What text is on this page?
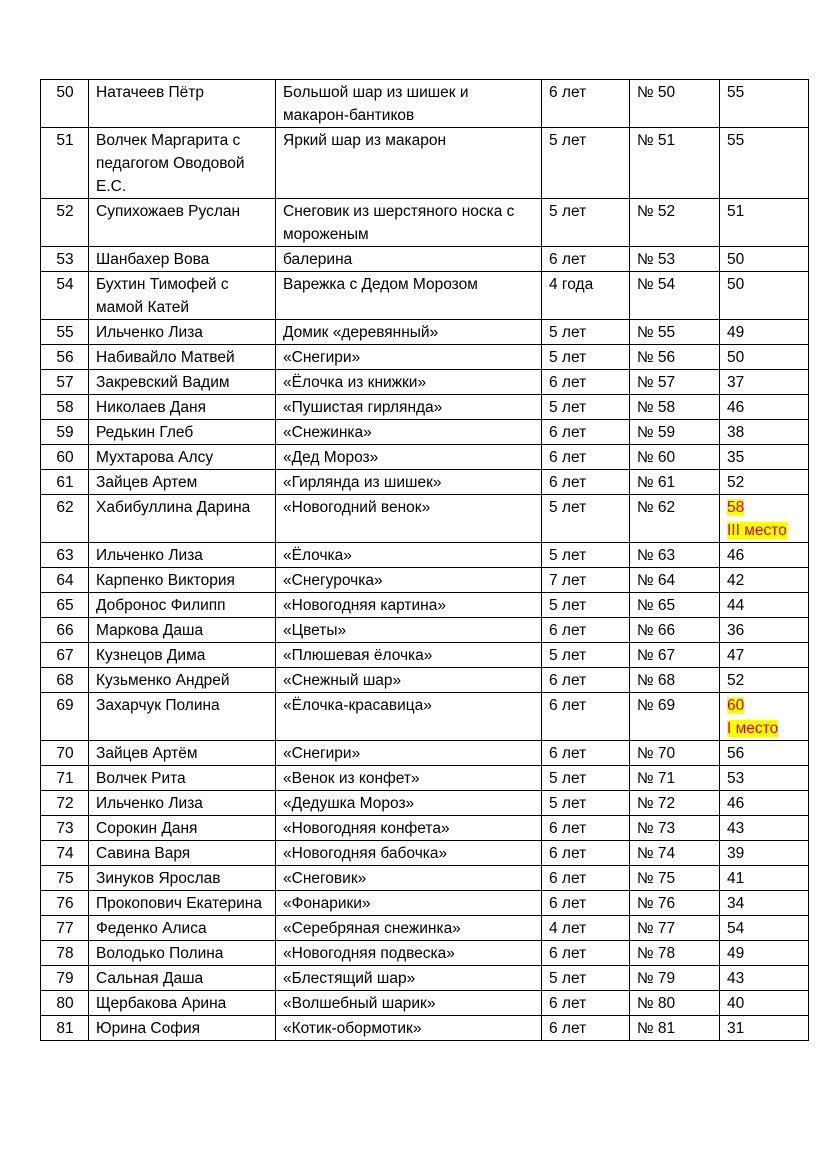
50	Натачеев Пётр	Большой шар из шишек и макарон-бантиков	6 лет	№ 50	55
51	Волчек Маргарита с педагогом Оводовой Е.С.	Яркий шар из макарон	5 лет	№ 51	55
52	Супихожаев Руслан	Снеговик из шерстяного носка с мороженым	5 лет	№ 52	51
53	Шанбахер Вова	балерина	6 лет	№ 53	50
54	Бухтин Тимофей с мамой Катей	Варежка с Дедом Морозом	4 года	№ 54	50
55	Ильченко Лиза	Домик «деревянный»	5 лет	№ 55	49
56	Набивайло Матвей	«Снегири»	5 лет	№ 56	50
57	Закревский Вадим	«Ёлочка из книжки»	6 лет	№ 57	37
58	Николаев Даня	«Пушистая гирлянда»	5 лет	№ 58	46
59	Редькин Глеб	«Снежинка»	6 лет	№ 59	38
60	Мухтарова Алсу	«Дед Мороз»	6 лет	№ 60	35
61	Зайцев Артем	«Гирлянда из шишек»	6 лет	№ 61	52
62	Хабибуллина Дарина	«Новогодний венок»	5 лет	№ 62	58
III место
63	Ильченко Лиза	«Ёлочка»	5 лет	№ 63	46
64	Карпенко Виктория	«Снегурочка»	7 лет	№ 64	42
65	Доброноc Филипп	«Новогодняя картина»	5 лет	№ 65	44
66	Маркова Даша	«Цветы»	6 лет	№ 66	36
67	Кузнецов Дима	«Плюшевая ёлочка»	5 лет	№ 67	47
68	Кузьменко Андрей	«Снежный шар»	6 лет	№ 68	52
69	Захарчук Полина	«Ёлочка-красавица»	6 лет	№ 69	60
I место
70	Зайцев Артём	«Снегири»	6 лет	№ 70	56
71	Волчек Рита	«Венок из конфет»	5 лет	№ 71	53
72	Ильченко Лиза	«Дедушка Мороз»	5 лет	№ 72	46
73	Сорокин Даня	«Новогодняя конфета»	6 лет	№ 73	43
74	Савина Варя	«Новогодняя бабочка»	6 лет	№ 74	39
75	Зинуков Ярослав	«Снеговик»	6 лет	№ 75	41
76	Прокопович Екатерина	«Фонарики»	6 лет	№ 76	34
77	Феденко Алиса	«Серебряная снежинка»	4 лет	№ 77	54
78	Володько Полина	«Новогодняя подвеска»	6 лет	№ 78	49
79	Сальная Даша	«Блестящий шар»	5 лет	№ 79	43
80	Щербакова Арина	«Волшебный шарик»	6 лет	№ 80	40
81	Юрина София	«Котик-обормотик»	6 лет	№ 81	31
